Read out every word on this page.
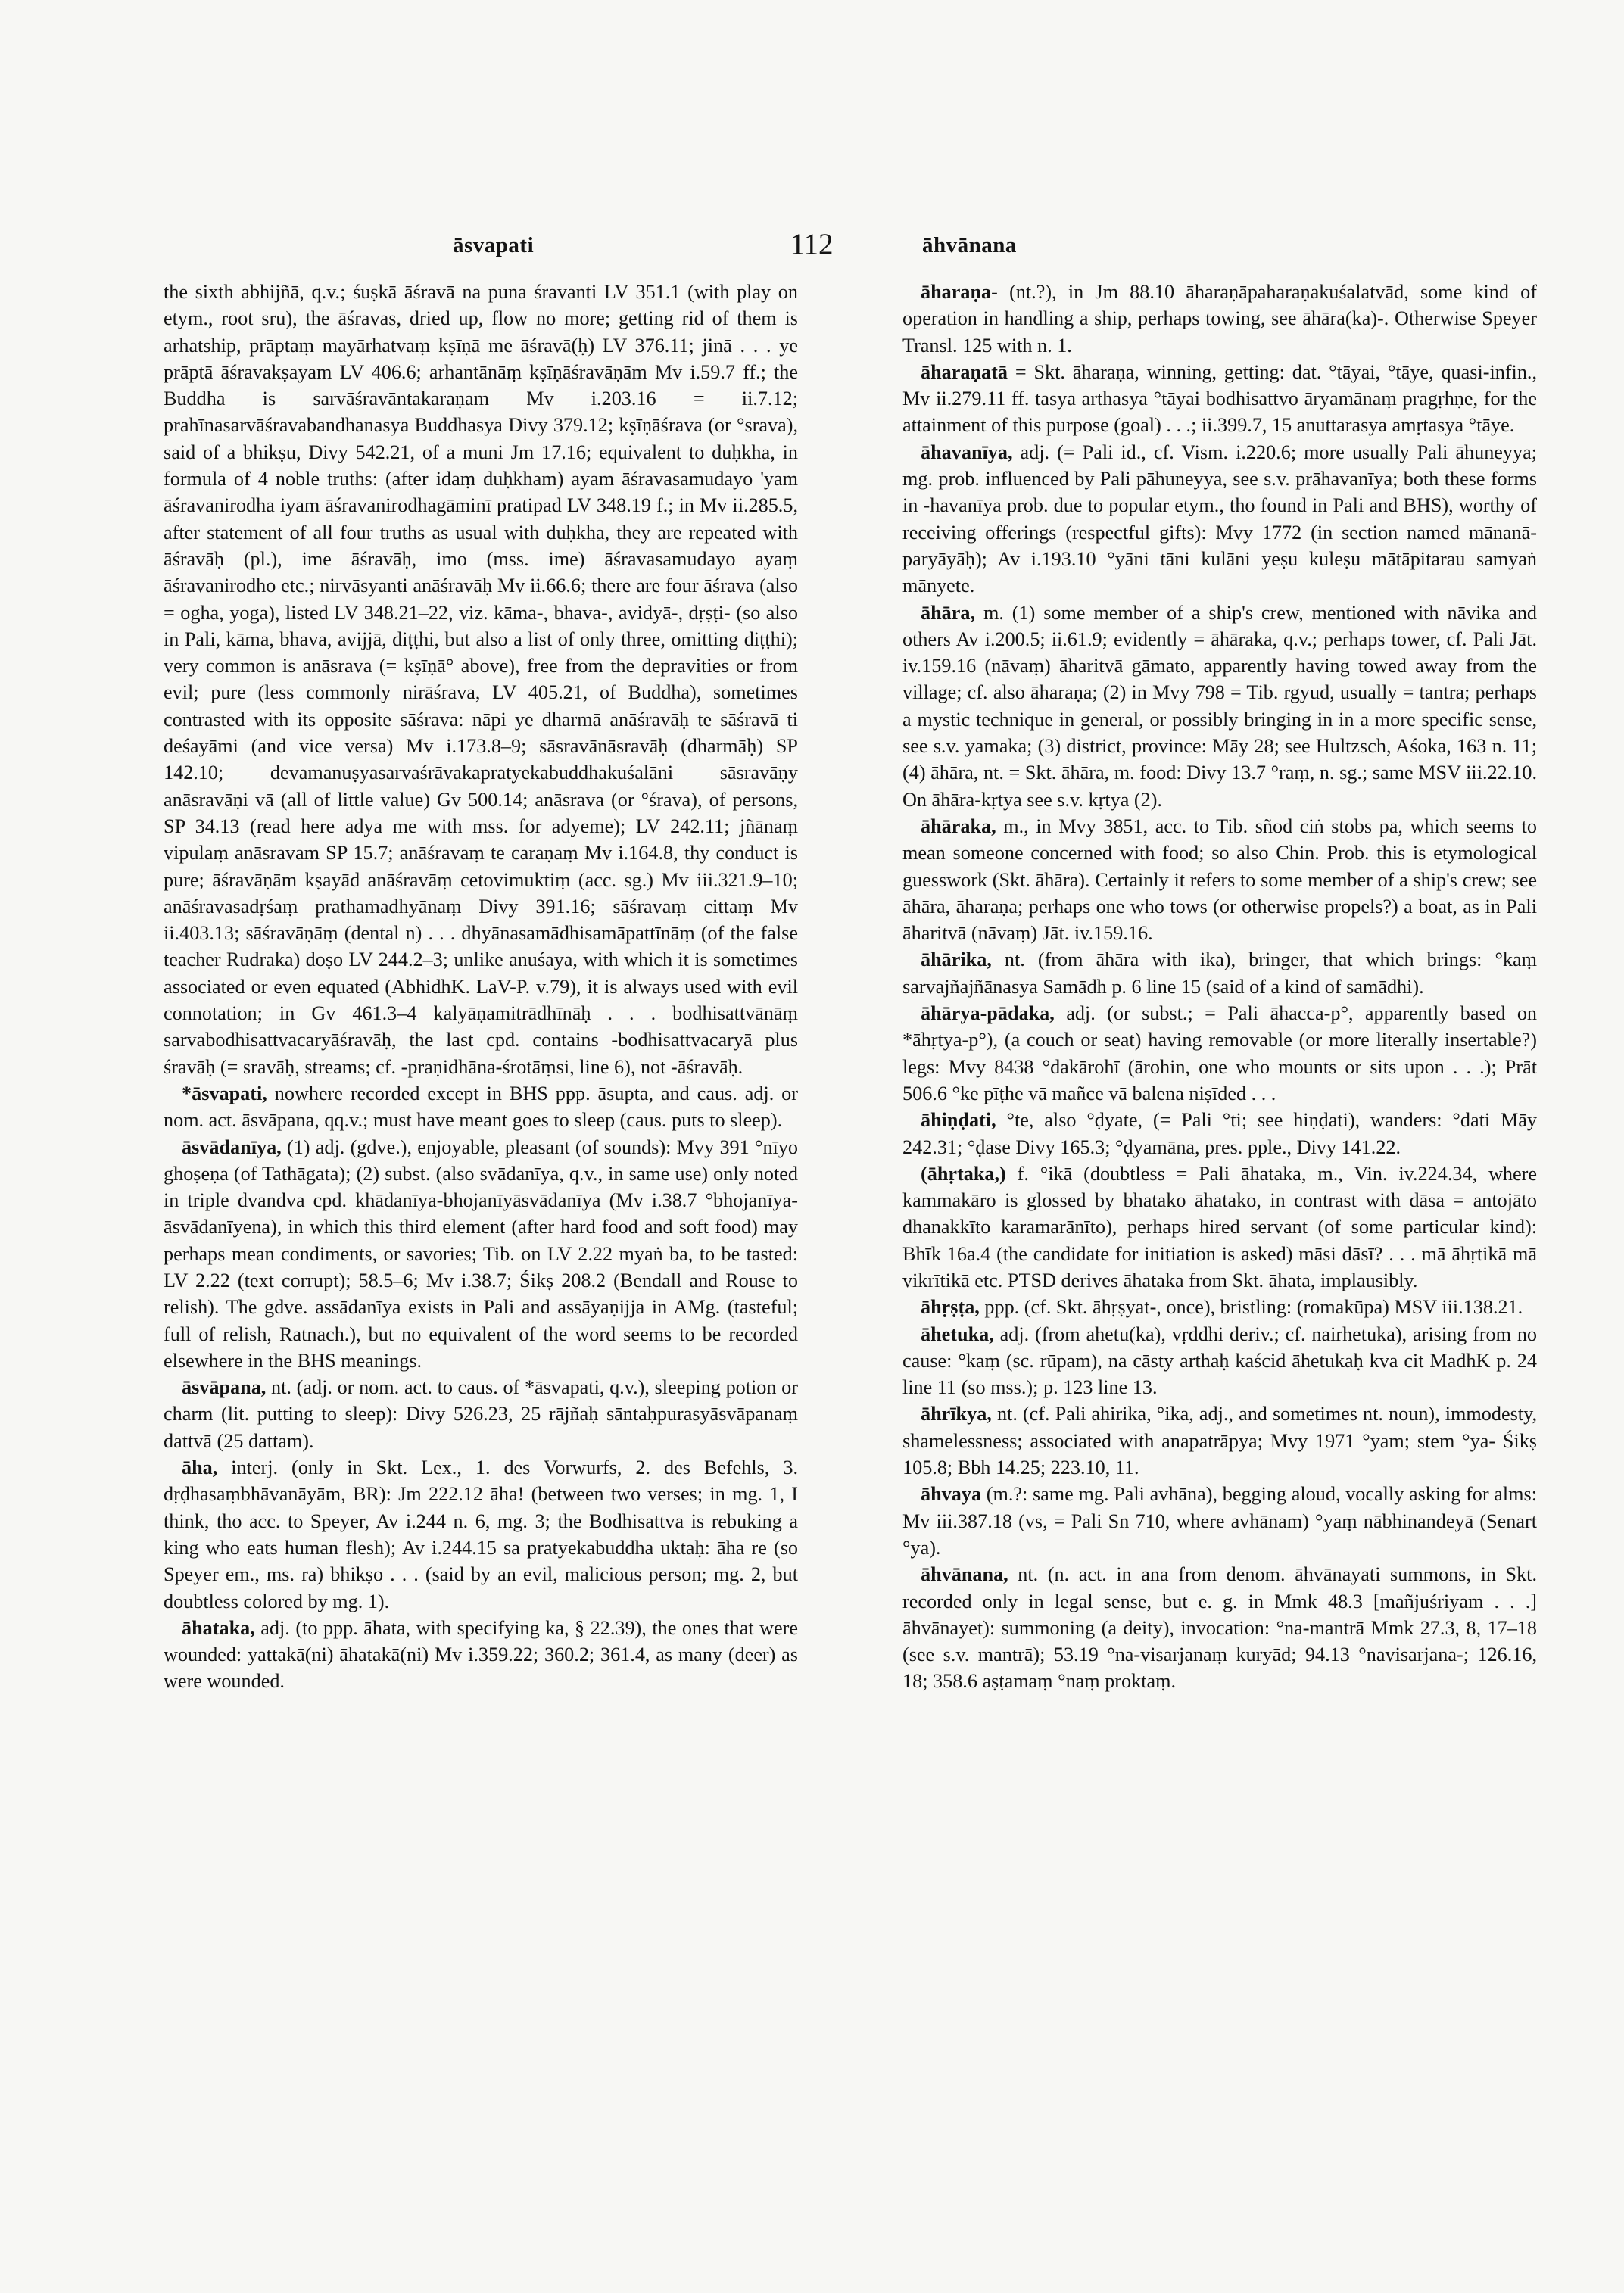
āsvapati	112	āhvānana

the sixth abhijñā, q.v.; śuṣkā āśravā na puna śravanti LV 351.1 (with play on etym., root sru), the āśravas, dried up, flow no more; getting rid of them is arhatship, prāptaṃ mayārhatvaṃ kṣīṇā me āśravā(ḥ) LV 376.11; jinā . . . ye prāptā āśravakṣayam LV 406.6; arhantānāṃ kṣīṇāśravāṇām Mv i.59.7 ff.; the Buddha is sarvāśravāntakaraṇam Mv i.203.16 = ii.7.12; prahīnasarvāśravabandhanasya Buddhasya Divy 379.12; kṣīṇāśrava (or °srava), said of a bhikṣu, Divy 542.21, of a muni Jm 17.16; equivalent to duḥkha, in formula of 4 noble truths: (after idaṃ duḥkham) ayam āśravasamudayo 'yam āśravanirodha iyam āśravanirodhagāminī pratipad LV 348.19 f.; in Mv ii.285.5, after statement of all four truths as usual with duḥkha, they are repeated with āśravāḥ (pl.), ime āśravāḥ, imo (mss. ime) āśravasamudayo ayaṃ āśravanirodho etc.; nirvāsyanti anāśravāḥ Mv ii.66.6; there are four āśrava (also = ogha, yoga), listed LV 348.21–22, viz. kāma-, bhava-, avidyā-, dṛṣṭi- (so also in Pali, kāma, bhava, avijjā, diṭṭhi, but also a list of only three, omitting diṭṭhi); very common is anāsrava (= kṣīṇā° above), free from the depravities or from evil; pure (less commonly nirāśrava, LV 405.21, of Buddha), sometimes contrasted with its opposite sāśrava: nāpi ye dharmā anāśravāḥ te sāśravā ti deśayāmi (and vice versa) Mv i.173.8–9; sāsravānāsravāḥ (dharmāḥ) SP 142.10; devamanuṣyasarvaśrāvakapratyekabuddhakuśalāni sāsravāṇy anāsravāṇi vā (all of little value) Gv 500.14; anāsrava (or °śrava), of persons, SP 34.13 (read here adya me with mss. for adyeme); LV 242.11; jñānaṃ vipulaṃ anāsravam SP 15.7; anāśravaṃ te caraṇaṃ Mv i.164.8, thy conduct is pure; āśravāṇām kṣayād anāśravāṃ cetovimuktiṃ (acc. sg.) Mv iii.321.9–10; anāśravasadṛśaṃ prathamadhyānaṃ Divy 391.16; sāśravaṃ cittaṃ Mv ii.403.13; sāśravāṇāṃ (dental n) . . . dhyānasamādhisamāpattīnāṃ (of the false teacher Rudraka) doṣo LV 244.2–3; unlike anuśaya, with which it is sometimes associated or even equated (AbhidhK. LaV-P. v.79), it is always used with evil connotation; in Gv 461.3–4 kalyāṇamitrādhīnāḥ . . . bodhisattvānāṃ sarvabodhisattvacaryāśravāḥ, the last cpd. contains -bodhisattvacaryā plus śravāḥ (= sravāḥ, streams; cf. -praṇidhāna-śrotāṃsi, line 6), not -āśravāḥ.

*āsvapati, nowhere recorded except in BHS ppp. āsupta, and caus. adj. or nom. act. āsvāpana, qq.v.; must have meant goes to sleep (caus. puts to sleep).

āsvādanīya, (1) adj. (gdve.), enjoyable, pleasant (of sounds): Mvy 391 °nīyo ghoṣeṇa (of Tathāgata); (2) subst. (also svādanīya, q.v., in same use) only noted in triple dvandva cpd. khādanīya-bhojanīyāsvādanīya (Mv i.38.7 °bhojanīya-āsvādanīyena), in which this third element (after hard food and soft food) may perhaps mean condiments, or savories; Tib. on LV 2.22 myaṅ ba, to be tasted: LV 2.22 (text corrupt); 58.5–6; Mv i.38.7; Śikṣ 208.2 (Bendall and Rouse to relish). The gdve. assādanīya exists in Pali and assāyaṇijja in AMg. (tasteful; full of relish, Ratnach.), but no equivalent of the word seems to be recorded elsewhere in the BHS meanings.

āsvāpana, nt. (adj. or nom. act. to caus. of *āsvapati, q.v.), sleeping potion or charm (lit. putting to sleep): Divy 526.23, 25 rājñaḥ sāntaḥpurasyāsvāpanaṃ dattvā (25 dattam).

āha, interj. (only in Skt. Lex., 1. des Vorwurfs, 2. des Befehls, 3. dṛḍhasaṃbhāvanāyām, BR): Jm 222.12 āha! (between two verses; in mg. 1, I think, tho acc. to Speyer, Av i.244 n. 6, mg. 3; the Bodhisattva is rebuking a king who eats human flesh); Av i.244.15 sa pratyekabuddha uktaḥ: āha re (so Speyer em., ms. ra) bhikṣo . . . (said by an evil, malicious person; mg. 2, but doubtless colored by mg. 1).

āhataka, adj. (to ppp. āhata, with specifying ka, § 22.39), the ones that were wounded: yattakā(ni) āhatakā(ni) Mv i.359.22; 360.2; 361.4, as many (deer) as were wounded.

āharaṇa- (nt.?), in Jm 88.10 āharaṇāpaharaṇakuśalatvād, some kind of operation in handling a ship, perhaps towing, see āhāra(ka)-. Otherwise Speyer Transl. 125 with n. 1.

āharaṇatā = Skt. āharaṇa, winning, getting: dat. °tāyai, °tāye, quasi-infin., Mv ii.279.11 ff. tasya arthasya °tāyai bodhisattvo āryamānaṃ pragṛhṇe, for the attainment of this purpose (goal) . . .; ii.399.7, 15 anuttarasya amṛtasya °tāye.

āhavanīya, adj. (= Pali id., cf. Vism. i.220.6; more usually Pali āhuneyya; mg. prob. influenced by Pali pāhuneyya, see s.v. prāhavanīya; both these forms in -havanīya prob. due to popular etym., tho found in Pali and BHS), worthy of receiving offerings (respectful gifts): Mvy 1772 (in section named mānanā-paryāyāḥ); Av i.193.10 °yāni tāni kulāni yeṣu kuleṣu mātāpitarau samyaṅ mānyete.

āhāra, m. (1) some member of a ship's crew, mentioned with nāvika and others Av i.200.5; ii.61.9; evidently = āhāraka, q.v.; perhaps tower, cf. Pali Jāt. iv.159.16 (nāvaṃ) āharitvā gāmato, apparently having towed away from the village; cf. also āharaṇa; (2) in Mvy 798 = Tib. rgyud, usually = tantra; perhaps a mystic technique in general, or possibly bringing in in a more specific sense, see s.v. yamaka; (3) district, province: Māy 28; see Hultzsch, Aśoka, 163 n. 11; (4) āhāra, nt. = Skt. āhāra, m. food: Divy 13.7 °raṃ, n. sg.; same MSV iii.22.10. On āhāra-kṛtya see s.v. kṛtya (2).

āhāraka, m., in Mvy 3851, acc. to Tib. sñod ciṅ stobs pa, which seems to mean someone concerned with food; so also Chin. Prob. this is etymological guesswork (Skt. āhāra). Certainly it refers to some member of a ship's crew; see āhāra, āharaṇa; perhaps one who tows (or otherwise propels?) a boat, as in Pali āharitvā (nāvaṃ) Jāt. iv.159.16.

āhārika, nt. (from āhāra with ika), bringer, that which brings: °kaṃ sarvajñajñānasya Samādh p. 6 line 15 (said of a kind of samādhi).

āhārya-pādaka, adj. (or subst.; = Pali āhacca-p°, apparently based on *āhṛtya-p°), (a couch or seat) having removable (or more literally insertable?) legs: Mvy 8438 °dakārohī (ārohin, one who mounts or sits upon . . .); Prāt 506.6 °ke pīṭhe vā mañce vā balena niṣīded . . .

āhiṇḍati, °te, also °ḍyate, (= Pali °ti; see hiṇḍati), wanders: °dati Māy 242.31; °ḍase Divy 165.3; °ḍyamāna, pres. pple., Divy 141.22.

(āhṛtaka,) f. °ikā (doubtless = Pali āhataka, m., Vin. iv.224.34, where kammakāro is glossed by bhatako āhatako, in contrast with dāsa = antojāto dhanakkīto karamarānīto), perhaps hired servant (of some particular kind): Bhīk 16a.4 (the candidate for initiation is asked) māsi dāsī? . . . mā āhṛtikā mā vikrītikā etc. PTSD derives āhataka from Skt. āhata, implausibly.

āhṛṣṭa, ppp. (cf. Skt. āhṛṣyat-, once), bristling: (romakūpa) MSV iii.138.21.

āhetuka, adj. (from ahetu(ka), vṛddhi deriv.; cf. nairhetuka), arising from no cause: °kaṃ (sc. rūpam), na cāsty arthaḥ kaścid āhetukaḥ kva cit MadhK p. 24 line 11 (so mss.); p. 123 line 13.

āhrīkya, nt. (cf. Pali ahirika, °ika, adj., and sometimes nt. noun), immodesty, shamelessness; associated with anapatrāpya; Mvy 1971 °yam; stem °ya- Śikṣ 105.8; Bbh 14.25; 223.10, 11.

āhvaya (m.?: same mg. Pali avhāna), begging aloud, vocally asking for alms: Mv iii.387.18 (vs, = Pali Sn 710, where avhānam) °yaṃ nābhinandeyā (Senart °ya).

āhvānana, nt. (n. act. in ana from denom. āhvānayati summons, in Skt. recorded only in legal sense, but e. g. in Mmk 48.3 [mañjuśriyam . . .] āhvānayet): summoning (a deity), invocation: °na-mantrā Mmk 27.3, 8, 17–18 (see s.v. mantrā); 53.19 °na-visarjanaṃ kuryād; 94.13 °navisarjana-; 126.16, 18; 358.6 aṣṭamaṃ °naṃ proktaṃ.
